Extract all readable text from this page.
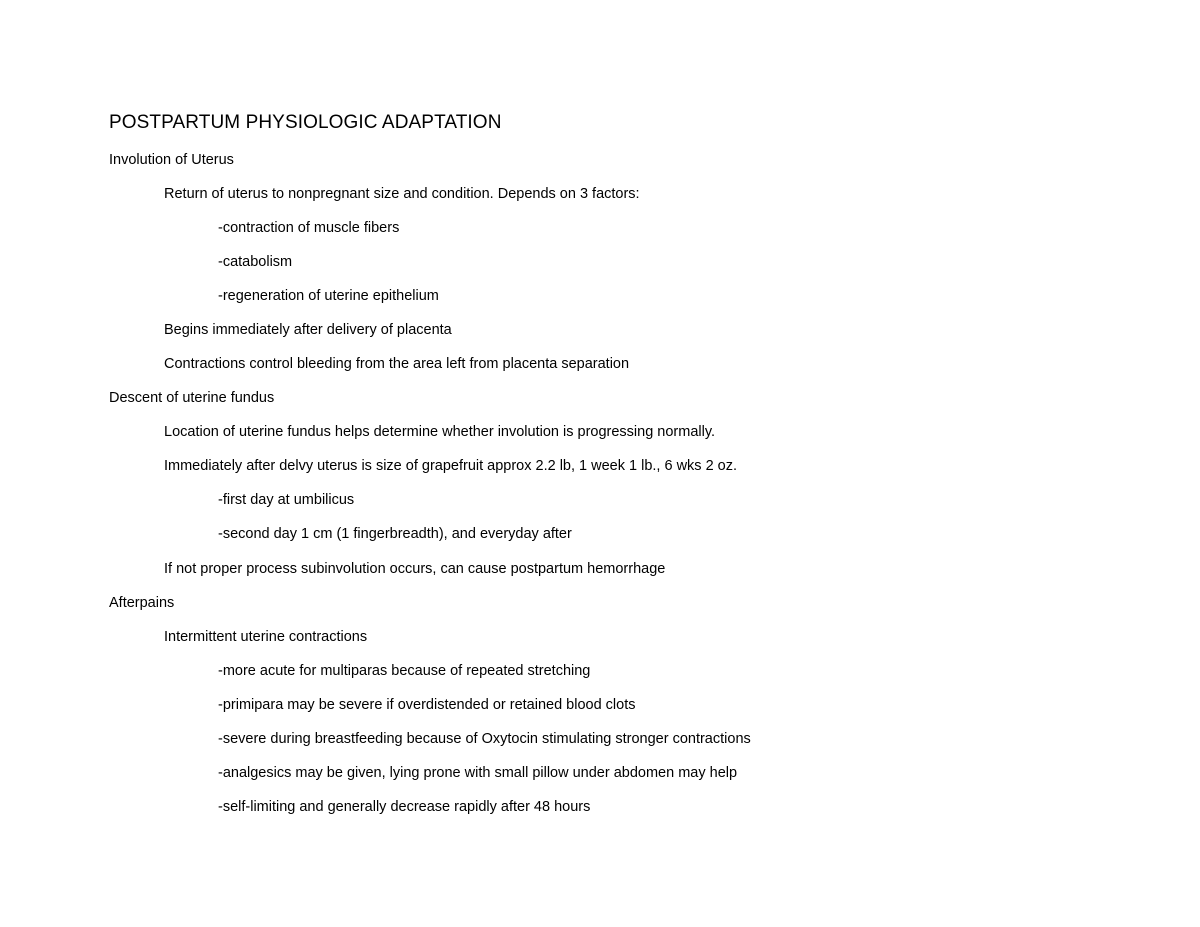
POSTPARTUM PHYSIOLOGIC ADAPTATION
Involution of Uterus
Return of uterus to nonpregnant size and condition. Depends on 3 factors:
-contraction of muscle fibers
-catabolism
-regeneration of uterine epithelium
Begins immediately after delivery of placenta
Contractions control bleeding from the area left from placenta separation
Descent of uterine fundus
Location of uterine fundus helps determine whether involution is progressing normally.
Immediately after delvy uterus is size of grapefruit approx 2.2 lb, 1 week 1 lb., 6 wks 2 oz.
-first day at umbilicus
-second day 1 cm (1 fingerbreadth), and everyday after
If not proper process subinvolution occurs, can cause postpartum hemorrhage
Afterpains
Intermittent uterine contractions
-more acute for multiparas because of repeated stretching
-primipara may be severe if overdistended or retained blood clots
-severe during breastfeeding because of Oxytocin stimulating stronger contractions
-analgesics may be given, lying prone with small pillow under abdomen may help
-self-limiting and generally decrease rapidly after 48 hours
